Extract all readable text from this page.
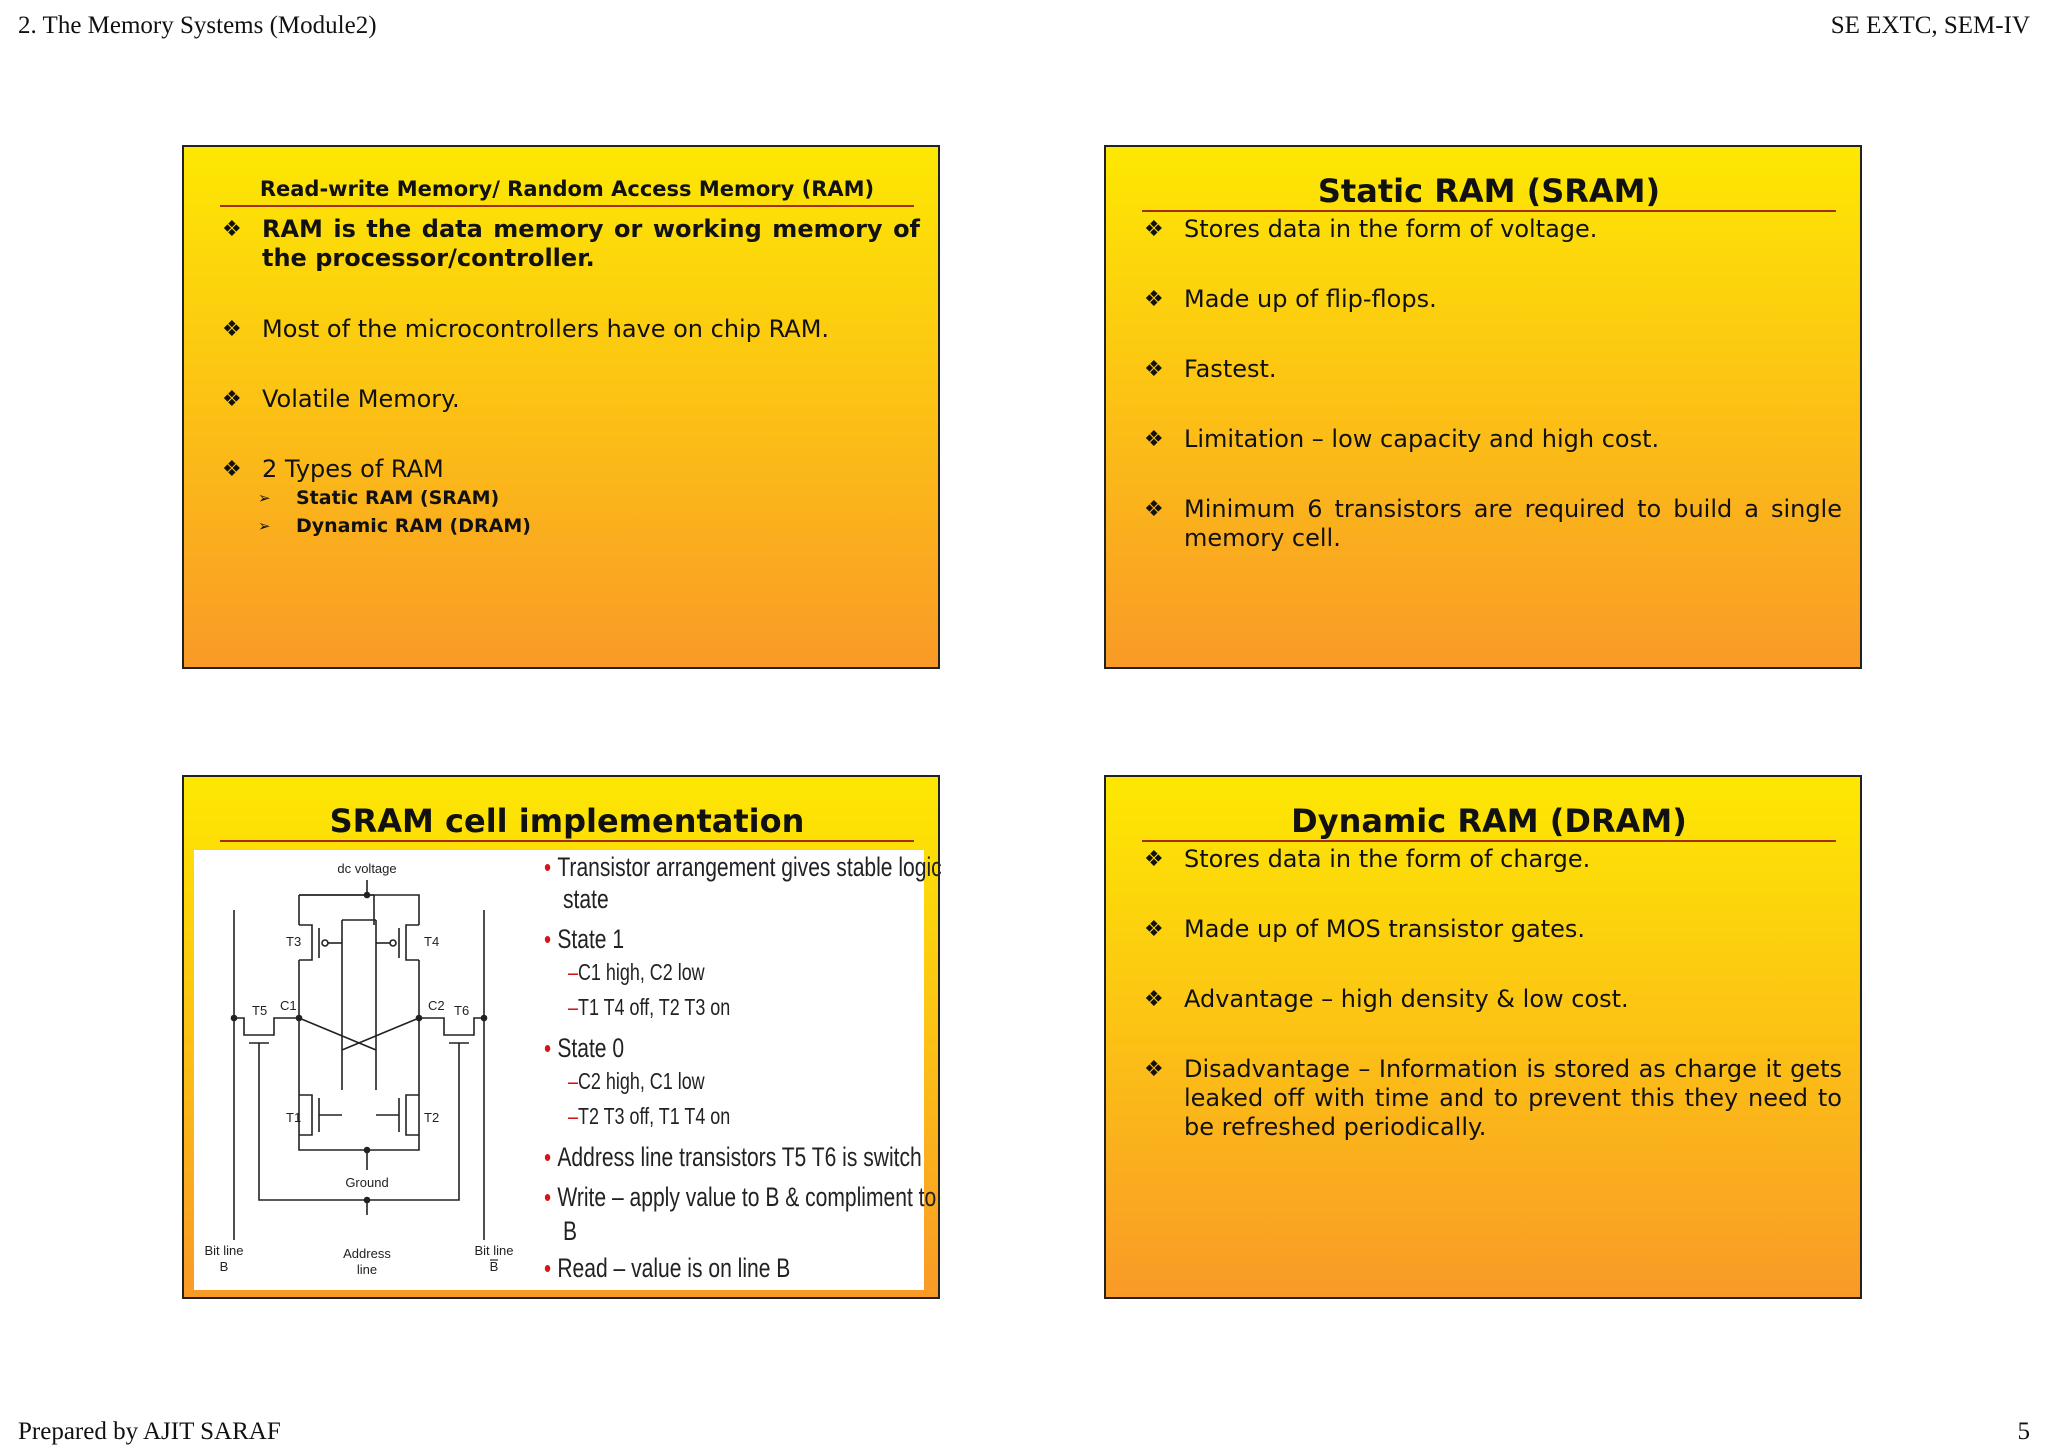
2. The Memory Systems (Module2)	SE EXTC, SEM-IV
Prepared by AJIT SARAF	5
Read-write Memory/ Random Access Memory (RAM)
❖ RAM is the data memory or working memory of the processor/controller.
❖ Most of the microcontrollers have on chip RAM.
❖ Volatile Memory.
❖ 2 Types of RAM
➢ Static RAM (SRAM)
➢ Dynamic RAM (DRAM)
Static RAM (SRAM)
❖ Stores data in the form of voltage.
❖ Made up of flip-flops.
❖ Fastest.
❖ Limitation – low capacity and high cost.
❖ Minimum 6 transistors are required to build a single memory cell.
SRAM cell implementation
dc voltage
T3	T4
T5 C1	C2 T6
T1	T2
Ground
Bit line
B
Address
line
Bit line
B
• Transistor arrangement gives stable logic
state
• State 1
–C1 high, C2 low
–T1 T4 off, T2 T3 on
• State 0
–C2 high, C1 low
–T2 T3 off, T1 T4 on
• Address line transistors T5 T6 is switch
• Write – apply value to B & compliment to
B
• Read – value is on line B
Dynamic RAM (DRAM)
❖ Stores data in the form of charge.
❖ Made up of MOS transistor gates.
❖ Advantage – high density & low cost.
❖ Disadvantage – Information is stored as charge it gets leaked off with time and to prevent this they need to be refreshed periodically.
